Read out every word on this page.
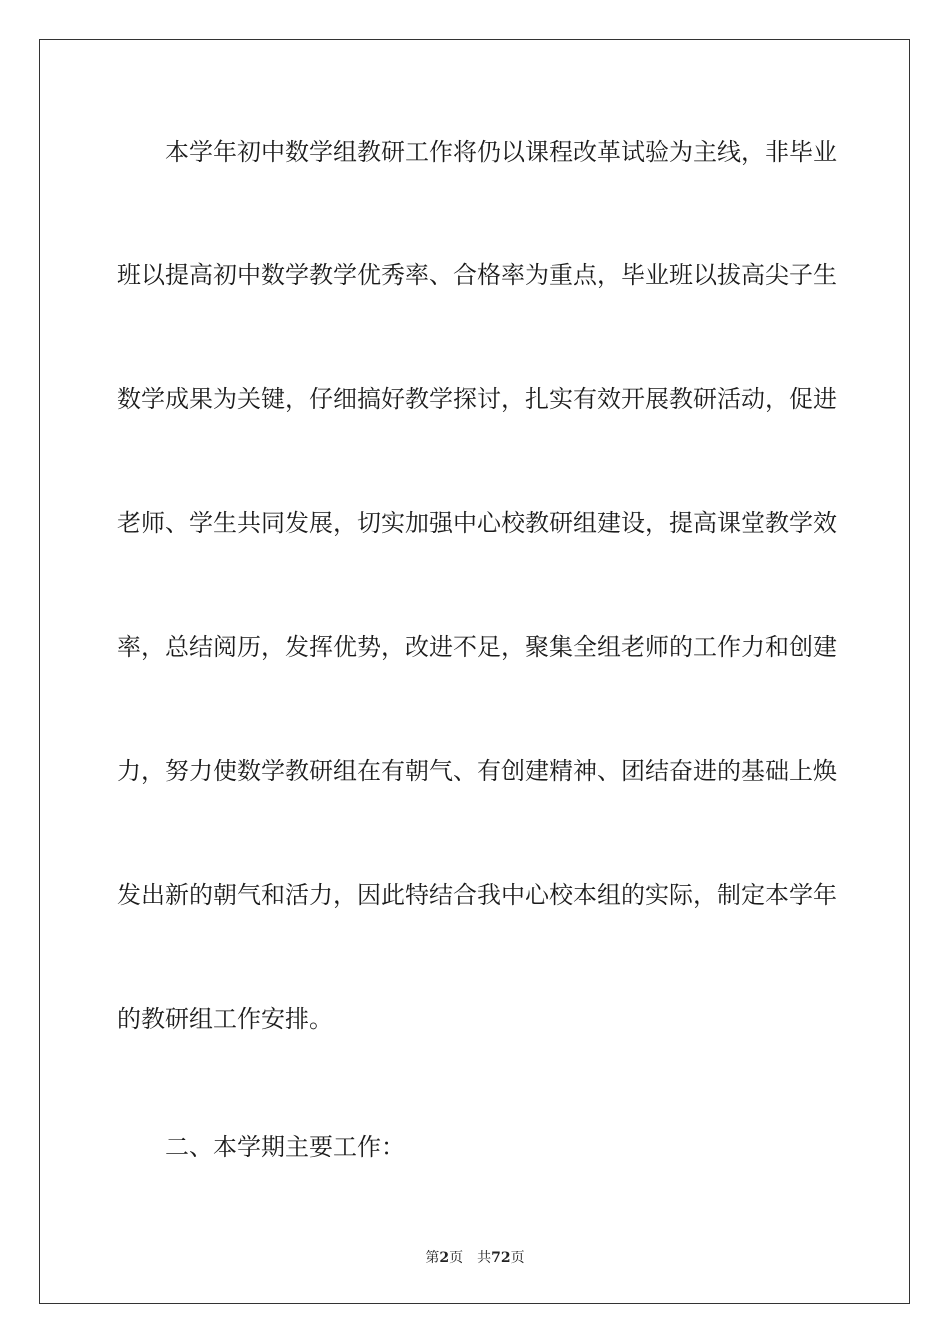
本学年初中数学组教研工作将仍以课程改革试验为主线，非毕业
班以提高初中数学教学优秀率、合格率为重点，毕业班以拔高尖子生
数学成果为关键，仔细搞好教学探讨，扎实有效开展教研活动，促进
老师、学生共同发展，切实加强中心校教研组建设，提高课堂教学效
率，总结阅历，发挥优势，改进不足，聚集全组老师的工作力和创建
力，努力使数学教研组在有朝气、有创建精神、团结奋进的基础上焕
发出新的朝气和活力，因此特结合我中心校本组的实际，制定本学年
的教研组工作安排。
二、本学期主要工作：
第2页 共72页
